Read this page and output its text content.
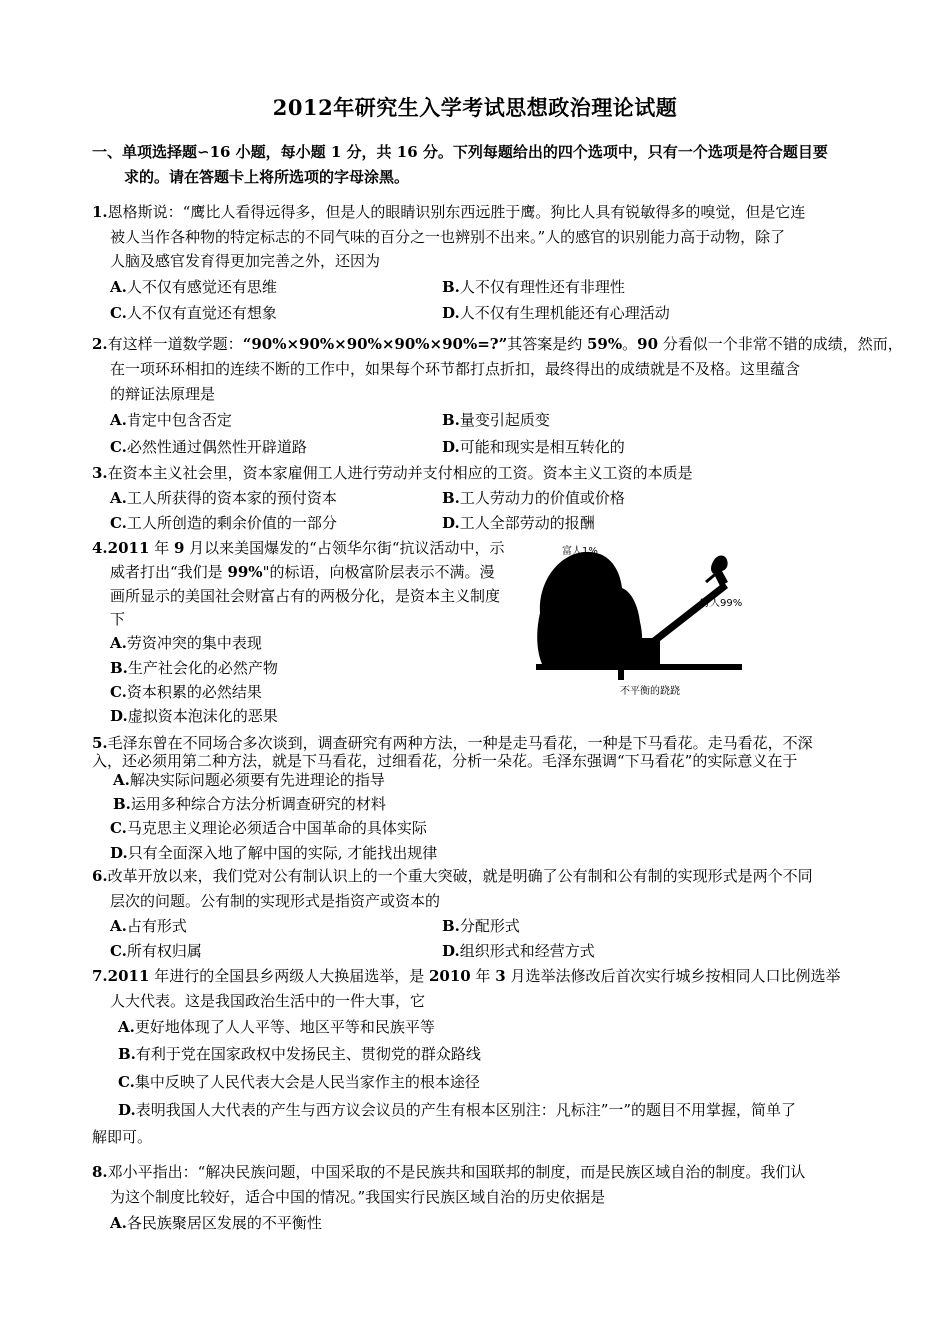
2012年研究生入学考试思想政治理论试题
一、单项选择题∽16 小题，每小题 1 分，共 16 分。下列每题给出的四个选项中，只有一个选项是符合题目要
求的。请在答题卡上将所选项的字母涂黑。
1.恩格斯说：“鹰比人看得远得多，但是人的眼睛识别东西远胜于鹰。狗比人具有锐敏得多的嗅觉，但是它连
被人当作各种物的特定标志的不同气味的百分之一也辨别不出来。”人的感官的识别能力高于动物，除了
人脑及感官发育得更加完善之外，还因为
A.人不仅有感觉还有思维	B.人不仅有理性还有非理性
C.人不仅有直觉还有想象	D.人不仅有生理机能还有心理活动
2.有这样一道数学题：“90%×90%×90%×90%×90%=?”其答案是约 59%。90 分看似一个非常不错的成绩，然而，
在一项环环相扣的连续不断的工作中，如果每个环节都打点折扣，最终得出的成绩就是不及格。这里蕴含
的辩证法原理是
A.肯定中包含否定	B.量变引起质变
C.必然性通过偶然性开辟道路	D.可能和现实是相互转化的
3.在资本主义社会里，资本家雇佣工人进行劳动并支付相应的工资。资本主义工资的本质是
A.工人所获得的资本家的预付资本	B.工人劳动力的价值或价格
C.工人所创造的剩余价值的一部分	D.工人全部劳动的报酬
4.2011 年 9 月以来美国爆发的“占领华尔街“抗议活动中，示
威者打出“我们是 99%"的标语，向极富阶层表示不满。漫
画所显示的美国社会财富占有的两极分化，是资本主义制度
下
A.劳资冲突的集中表现
B.生产社会化的必然产物
C.资本积累的必然结果
D.虚拟资本泡沫化的恶果
富人1%
穷人99%
不平衡的跷跷
5.毛泽东曾在不同场合多次谈到，调查研究有两种方法，一种是走马看花，一种是下马看花。走马看花，不深
入，还必须用第二种方法，就是下马看花，过细看花，分析一朵花。毛泽东强调“下马看花”的实际意义在于
A.解决实际问题必须要有先进理论的指导
B.运用多种综合方法分析调查研究的材料
C.马克思主义理论必须适合中国革命的具体实际
D.只有全面深入地了解中国的实际, 才能找出规律
6.改革开放以来，我们党对公有制认识上的一个重大突破，就是明确了公有制和公有制的实现形式是两个不同
层次的问题。公有制的实现形式是指资产或资本的
A.占有形式	B.分配形式
C.所有权归属	D.组织形式和经营方式
7.2011 年进行的全国县乡两级人大换届选举，是 2010 年 3 月选举法修改后首次实行城乡按相同人口比例选举
人大代表。这是我国政治生活中的一件大事，它
A.更好地体现了人人平等、地区平等和民族平等
B.有利于党在国家政权中发扬民主、贯彻党的群众路线
C.集中反映了人民代表大会是人民当家作主的根本途径
D.表明我国人大代表的产生与西方议会议员的产生有根本区别注：凡标注”一”的题目不用掌握，简单了
解即可。
8.邓小平指出：“解决民族问题，中国采取的不是民族共和国联邦的制度，而是民族区域自治的制度。我们认
为这个制度比较好，适合中国的情况。”我国实行民族区域自治的历史依据是
A.各民族聚居区发展的不平衡性
